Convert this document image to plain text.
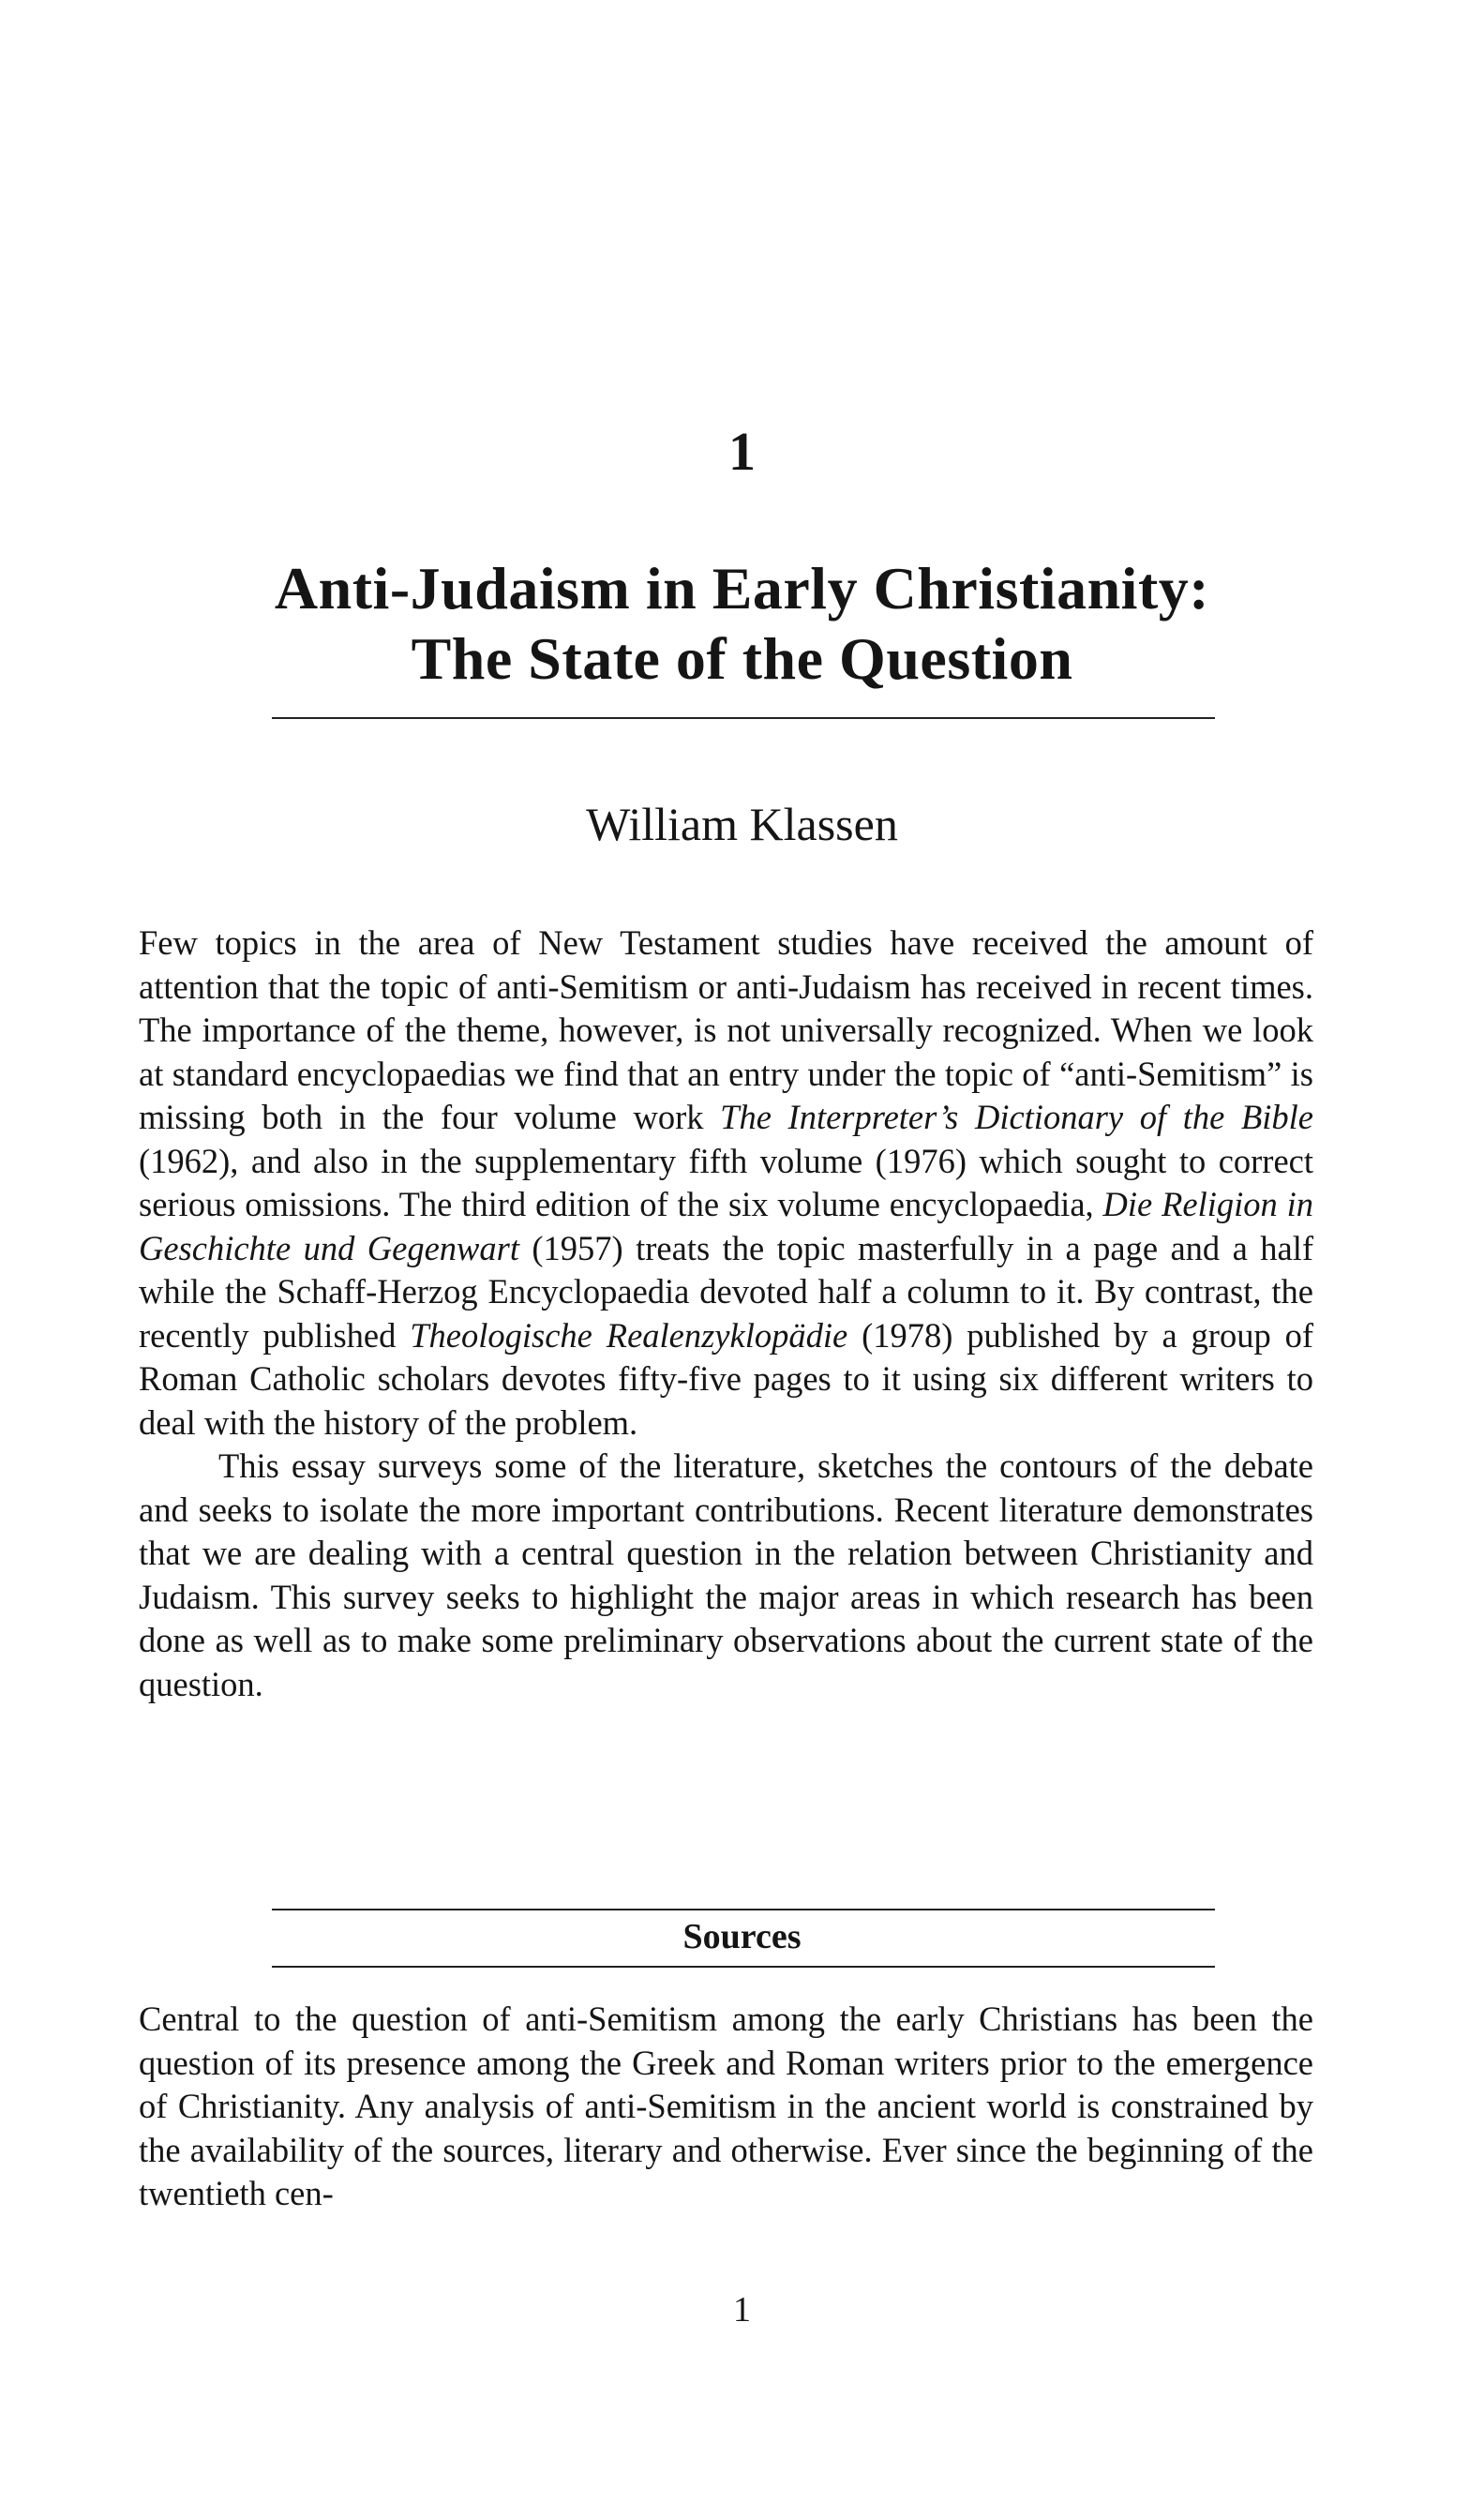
1
Anti-Judaism in Early Christianity:
The State of the Question
William Klassen

Few topics in the area of New Testament studies have received the amount of attention that the topic of anti-Semitism or anti-Judaism has received in recent times. The importance of the theme, however, is not universally recognized. When we look at standard encyclopaedias we find that an entry under the topic of “anti-Semitism” is missing both in the four volume work The Interpreter’s Dictionary of the Bible (1962), and also in the supplementary fifth volume (1976) which sought to correct serious omissions. The third edition of the six volume encyclopaedia, Die Religion in Geschichte und Gegenwart (1957) treats the topic masterfully in a page and a half while the Schaff-Herzog Encyclopaedia devoted half a column to it. By contrast, the recently published Theologische Realenzyklopädie (1978) published by a group of Roman Catholic scholars devotes fifty-five pages to it using six different writers to deal with the history of the problem.

This essay surveys some of the literature, sketches the contours of the debate and seeks to isolate the more important contributions. Recent literature demonstrates that we are dealing with a central question in the relation between Christianity and Judaism. This survey seeks to highlight the major areas in which research has been done as well as to make some preliminary observations about the current state of the question.

Sources

Central to the question of anti-Semitism among the early Christians has been the question of its presence among the Greek and Roman writers prior to the emergence of Christianity. Any analysis of anti-Semitism in the ancient world is constrained by the availability of the sources, literary and otherwise. Ever since the beginning of the twentieth cen-

1
